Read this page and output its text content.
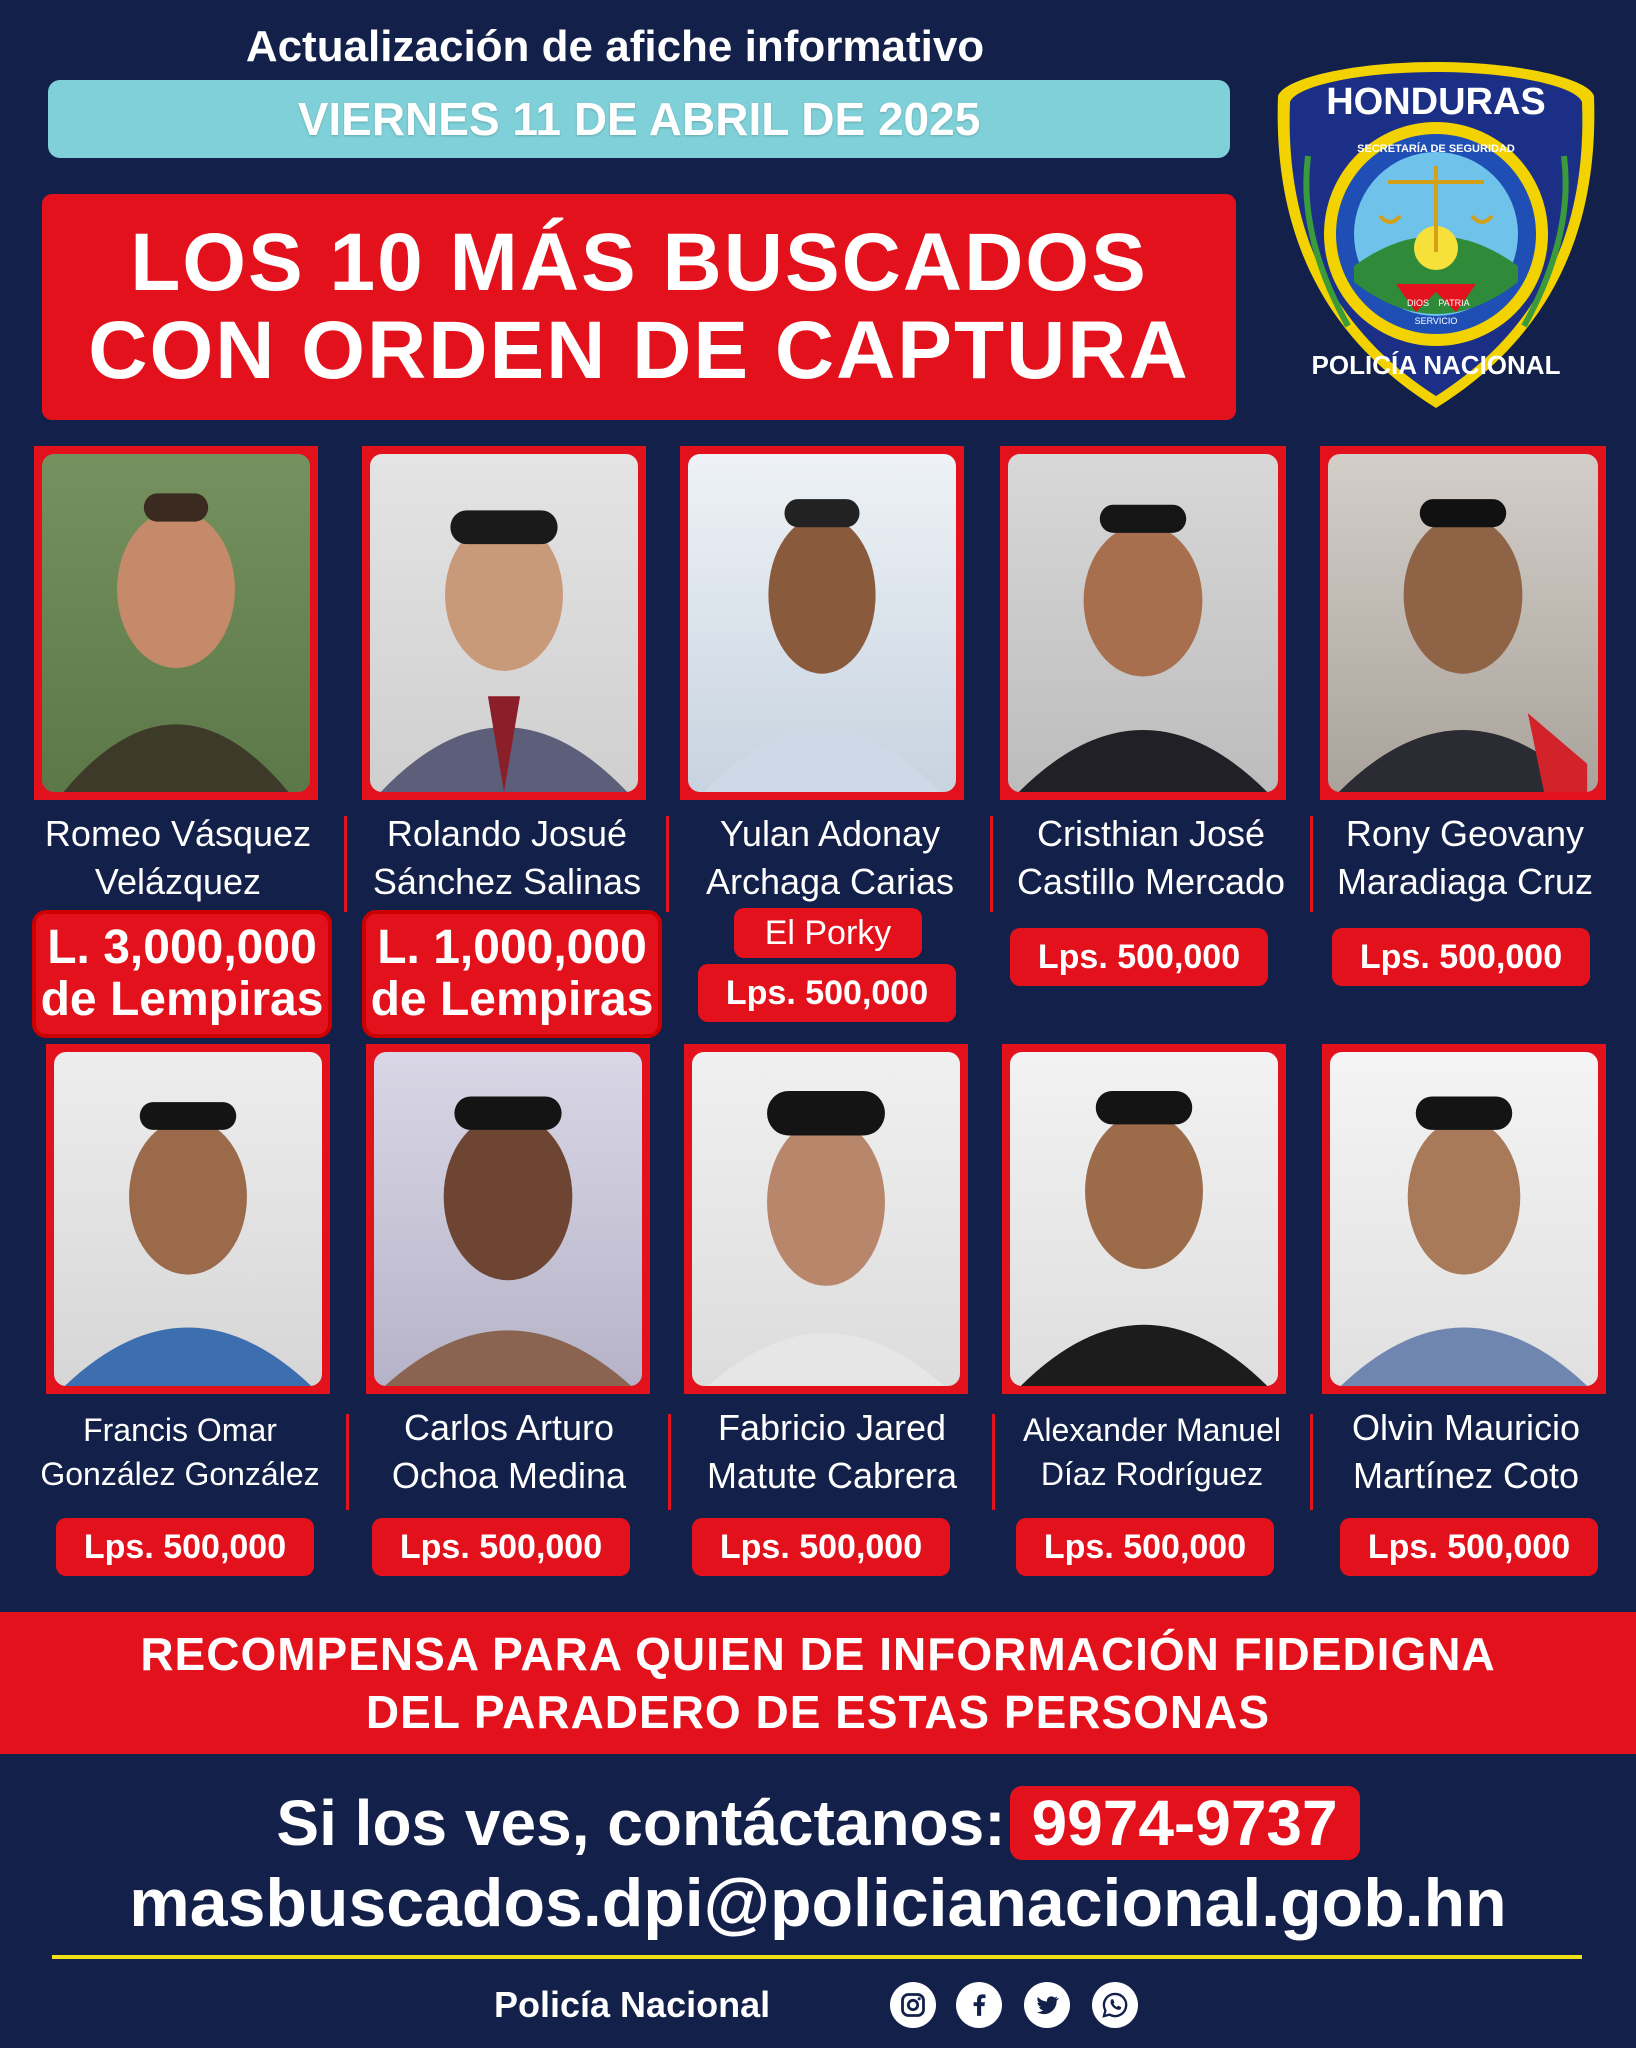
Actualización de afiche informativo
VIERNES 11 DE ABRIL DE 2025
LOS 10 MÁS BUSCADOS
CON ORDEN DE CAPTURA
HONDURAS
SECRETARÍA DE SEGURIDAD
DIOS PATRIA
SERVICIO
POLICÍA NACIONAL
Romeo Vásquez
Velázquez
Rolando Josué
Sánchez Salinas
Yulan Adonay
Archaga Carias
Cristhian José
Castillo Mercado
Rony Geovany
Maradiaga Cruz
L. 3,000,000
de Lempiras
L. 1,000,000
de Lempiras
El Porky
Lps. 500,000
Lps. 500,000	Lps. 500,000
Francis Omar
González González
Carlos Arturo
Ochoa Medina
Fabricio Jared
Matute Cabrera
Alexander Manuel
Díaz Rodríguez
Olvin Mauricio
Martínez Coto
Lps. 500,000	Lps. 500,000	Lps. 500,000	Lps. 500,000	Lps. 500,000
RECOMPENSA PARA QUIEN DE INFORMACIÓN FIDEDIGNA
DEL PARADERO DE ESTAS PERSONAS
Si los ves, contáctanos: 9974-9737
masbuscados.dpi@policianacional.gob.hn
Policía Nacional
